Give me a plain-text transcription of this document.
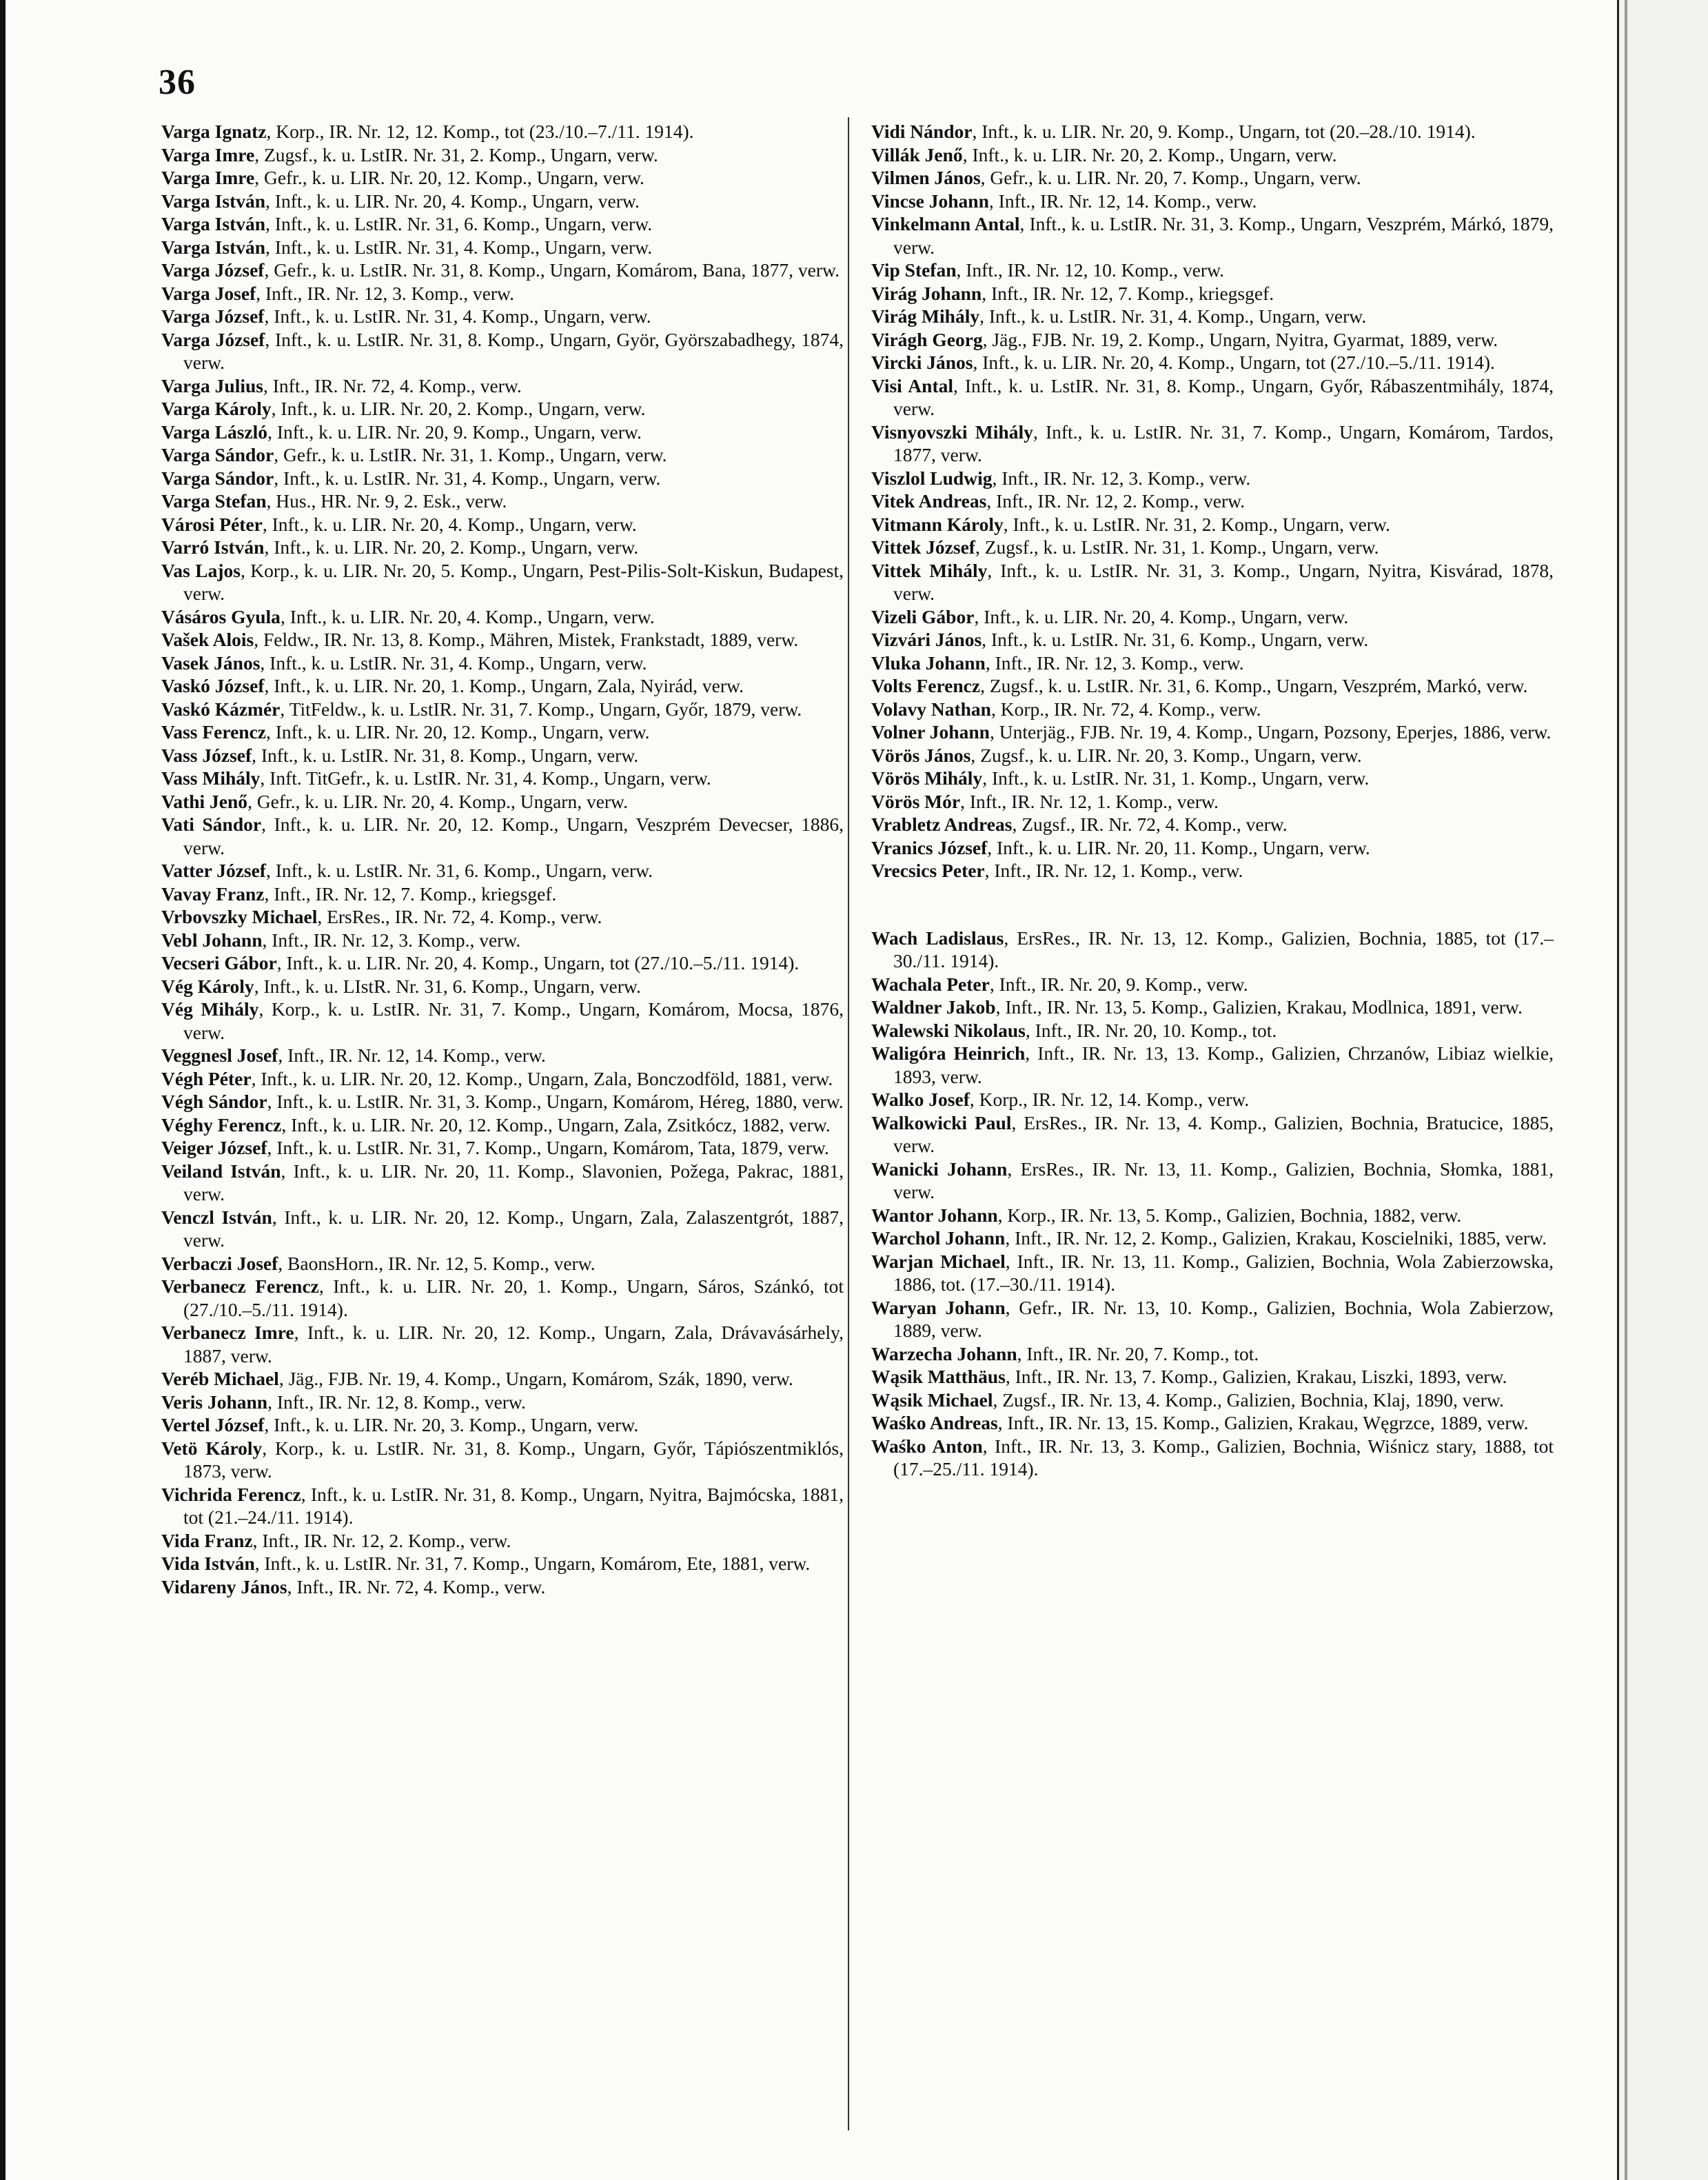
36
Varga Ignatz, Korp., IR. Nr. 12, 12. Komp., tot (23./10.–7./11. 1914).
Varga Imre, Zugsf., k. u. LstIR. Nr. 31, 2. Komp., Ungarn, verw.
Varga Imre, Gefr., k. u. LIR. Nr. 20, 12. Komp., Ungarn, verw.
Varga István, Inft., k. u. LIR. Nr. 20, 4. Komp., Ungarn, verw.
Varga István, Inft., k. u. LstIR. Nr. 31, 6. Komp., Ungarn, verw.
Varga István, Inft., k. u. LstIR. Nr. 31, 4. Komp., Ungarn, verw.
Varga József, Gefr., k. u. LstIR. Nr. 31, 8. Komp., Ungarn, Komárom, Bana, 1877, verw.
Varga Josef, Inft., IR. Nr. 12, 3. Komp., verw.
Varga József, Inft., k. u. LstIR. Nr. 31, 4. Komp., Ungarn, verw.
Varga József, Inft., k. u. LstIR. Nr. 31, 8. Komp., Ungarn, Györ, Györszabadhegy, 1874, verw.
Varga Julius, Inft., IR. Nr. 72, 4. Komp., verw.
Varga Károly, Inft., k. u. LIR. Nr. 20, 2. Komp., Ungarn, verw.
Varga László, Inft., k. u. LIR. Nr. 20, 9. Komp., Ungarn, verw.
Varga Sándor, Gefr., k. u. LstIR. Nr. 31, 1. Komp., Ungarn, verw.
Varga Sándor, Inft., k. u. LstIR. Nr. 31, 4. Komp., Ungarn, verw.
Varga Stefan, Hus., HR. Nr. 9, 2. Esk., verw.
Városi Péter, Inft., k. u. LIR. Nr. 20, 4. Komp., Ungarn, verw.
Varró István, Inft., k. u. LIR. Nr. 20, 2. Komp., Ungarn, verw.
Vas Lajos, Korp., k. u. LIR. Nr. 20, 5. Komp., Ungarn, Pest-Pilis-Solt-Kiskun, Budapest, verw.
Vásáros Gyula, Inft., k. u. LIR. Nr. 20, 4. Komp., Ungarn, verw.
Vašek Alois, Feldw., IR. Nr. 13, 8. Komp., Mähren, Mistek, Frankstadt, 1889, verw.
Vasek János, Inft., k. u. LstIR. Nr. 31, 4. Komp., Ungarn, verw.
Vaskó József, Inft., k. u. LIR. Nr. 20, 1. Komp., Ungarn, Zala, Nyirád, verw.
Vaskó Kázmér, TitFeldw., k. u. LstIR. Nr. 31, 7. Komp., Ungarn, Győr, 1879, verw.
Vass Ferencz, Inft., k. u. LIR. Nr. 20, 12. Komp., Ungarn, verw.
Vass József, Inft., k. u. LstIR. Nr. 31, 8. Komp., Ungarn, verw.
Vass Mihály, Inft. TitGefr., k. u. LstIR. Nr. 31, 4. Komp., Ungarn, verw.
Vathi Jenő, Gefr., k. u. LIR. Nr. 20, 4. Komp., Ungarn, verw.
Vati Sándor, Inft., k. u. LIR. Nr. 20, 12. Komp., Ungarn, Veszprém Devecser, 1886, verw.
Vatter József, Inft., k. u. LstIR. Nr. 31, 6. Komp., Ungarn, verw.
Vavay Franz, Inft., IR. Nr. 12, 7. Komp., kriegsgef.
Vrbovszky Michael, ErsRes., IR. Nr. 72, 4. Komp., verw.
Vebl Johann, Inft., IR. Nr. 12, 3. Komp., verw.
Vecseri Gábor, Inft., k. u. LIR. Nr. 20, 4. Komp., Ungarn, tot (27./10.–5./11. 1914).
Vég Károly, Inft., k. u. LIstR. Nr. 31, 6. Komp., Ungarn, verw.
Vég Mihály, Korp., k. u. LstIR. Nr. 31, 7. Komp., Ungarn, Komárom, Mocsa, 1876, verw.
Veggnesl Josef, Inft., IR. Nr. 12, 14. Komp., verw.
Végh Péter, Inft., k. u. LIR. Nr. 20, 12. Komp., Ungarn, Zala, Bonczodföld, 1881, verw.
Végh Sándor, Inft., k. u. LstIR. Nr. 31, 3. Komp., Ungarn, Komárom, Héreg, 1880, verw.
Véghy Ferencz, Inft., k. u. LIR. Nr. 20, 12. Komp., Ungarn, Zala, Zsitkócz, 1882, verw.
Veiger József, Inft., k. u. LstIR. Nr. 31, 7. Komp., Ungarn, Komárom, Tata, 1879, verw.
Veiland István, Inft., k. u. LIR. Nr. 20, 11. Komp., Slavonien, Požega, Pakrac, 1881, verw.
Venczl István, Inft., k. u. LIR. Nr. 20, 12. Komp., Ungarn, Zala, Zalaszentgrót, 1887, verw.
Verbaczi Josef, BaonsHorn., IR. Nr. 12, 5. Komp., verw.
Verbanecz Ferencz, Inft., k. u. LIR. Nr. 20, 1. Komp., Ungarn, Sáros, Szánkó, tot (27./10.–5./11. 1914).
Verbanecz Imre, Inft., k. u. LIR. Nr. 20, 12. Komp., Ungarn, Zala, Drávavásárhely, 1887, verw.
Veréb Michael, Jäg., FJB. Nr. 19, 4. Komp., Ungarn, Komárom, Szák, 1890, verw.
Veris Johann, Inft., IR. Nr. 12, 8. Komp., verw.
Vertel József, Inft., k. u. LIR. Nr. 20, 3. Komp., Ungarn, verw.
Vetö Károly, Korp., k. u. LstIR. Nr. 31, 8. Komp., Ungarn, Győr, Tápiószentmiklós, 1873, verw.
Vichrida Ferencz, Inft., k. u. LstIR. Nr. 31, 8. Komp., Ungarn, Nyitra, Bajmócska, 1881, tot (21.–24./11. 1914).
Vida Franz, Inft., IR. Nr. 12, 2. Komp., verw.
Vida István, Inft., k. u. LstIR. Nr. 31, 7. Komp., Ungarn, Komárom, Ete, 1881, verw.
Vidareny János, Inft., IR. Nr. 72, 4. Komp., verw.
Vidi Nándor, Inft., k. u. LIR. Nr. 20, 9. Komp., Ungarn, tot (20.–28./10. 1914).
Villák Jenő, Inft., k. u. LIR. Nr. 20, 2. Komp., Ungarn, verw.
Vilmen János, Gefr., k. u. LIR. Nr. 20, 7. Komp., Ungarn, verw.
Vincse Johann, Inft., IR. Nr. 12, 14. Komp., verw.
Vinkelmann Antal, Inft., k. u. LstIR. Nr. 31, 3. Komp., Ungarn, Veszprém, Márkó, 1879, verw.
Vip Stefan, Inft., IR. Nr. 12, 10. Komp., verw.
Virág Johann, Inft., IR. Nr. 12, 7. Komp., kriegsgef.
Virág Mihály, Inft., k. u. LstIR. Nr. 31, 4. Komp., Ungarn, verw.
Virágh Georg, Jäg., FJB. Nr. 19, 2. Komp., Ungarn, Nyitra, Gyarmat, 1889, verw.
Vircki János, Inft., k. u. LIR. Nr. 20, 4. Komp., Ungarn, tot (27./10.–5./11. 1914).
Visi Antal, Inft., k. u. LstIR. Nr. 31, 8. Komp., Ungarn, Győr, Rábaszentmihály, 1874, verw.
Visnyovszki Mihály, Inft., k. u. LstIR. Nr. 31, 7. Komp., Ungarn, Komárom, Tardos, 1877, verw.
Viszlol Ludwig, Inft., IR. Nr. 12, 3. Komp., verw.
Vitek Andreas, Inft., IR. Nr. 12, 2. Komp., verw.
Vitmann Károly, Inft., k. u. LstIR. Nr. 31, 2. Komp., Ungarn, verw.
Vittek József, Zugsf., k. u. LstIR. Nr. 31, 1. Komp., Ungarn, verw.
Vittek Mihály, Inft., k. u. LstIR. Nr. 31, 3. Komp., Ungarn, Nyitra, Kisvárad, 1878, verw.
Vizeli Gábor, Inft., k. u. LIR. Nr. 20, 4. Komp., Ungarn, verw.
Vizvári János, Inft., k. u. LstIR. Nr. 31, 6. Komp., Ungarn, verw.
Vluka Johann, Inft., IR. Nr. 12, 3. Komp., verw.
Volts Ferencz, Zugsf., k. u. LstIR. Nr. 31, 6. Komp., Ungarn, Veszprém, Markó, verw.
Volavy Nathan, Korp., IR. Nr. 72, 4. Komp., verw.
Volner Johann, Unterjäg., FJB. Nr. 19, 4. Komp., Ungarn, Pozsony, Eperjes, 1886, verw.
Vörös János, Zugsf., k. u. LIR. Nr. 20, 3. Komp., Ungarn, verw.
Vörös Mihály, Inft., k. u. LstIR. Nr. 31, 1. Komp., Ungarn, verw.
Vörös Mór, Inft., IR. Nr. 12, 1. Komp., verw.
Vrabletz Andreas, Zugsf., IR. Nr. 72, 4. Komp., verw.
Vranics József, Inft., k. u. LIR. Nr. 20, 11. Komp., Ungarn, verw.
Vrecsics Peter, Inft., IR. Nr. 12, 1. Komp., verw.
Wach Ladislaus, ErsRes., IR. Nr. 13, 12. Komp., Galizien, Bochnia, 1885, tot (17.–30./11. 1914).
Wachala Peter, Inft., IR. Nr. 20, 9. Komp., verw.
Waldner Jakob, Inft., IR. Nr. 13, 5. Komp., Galizien, Krakau, Modlnica, 1891, verw.
Walewski Nikolaus, Inft., IR. Nr. 20, 10. Komp., tot.
Waligóra Heinrich, Inft., IR. Nr. 13, 13. Komp., Galizien, Chrzanów, Libiaz wielkie, 1893, verw.
Walko Josef, Korp., IR. Nr. 12, 14. Komp., verw.
Walkowicki Paul, ErsRes., IR. Nr. 13, 4. Komp., Galizien, Bochnia, Bratucice, 1885, verw.
Wanicki Johann, ErsRes., IR. Nr. 13, 11. Komp., Galizien, Bochnia, Słomka, 1881, verw.
Wantor Johann, Korp., IR. Nr. 13, 5. Komp., Galizien, Bochnia, 1882, verw.
Warchol Johann, Inft., IR. Nr. 12, 2. Komp., Galizien, Krakau, Koscielniki, 1885, verw.
Warjan Michael, Inft., IR. Nr. 13, 11. Komp., Galizien, Bochnia, Wola Zabierzowska, 1886, tot. (17.–30./11. 1914).
Waryan Johann, Gefr., IR. Nr. 13, 10. Komp., Galizien, Bochnia, Wola Zabierzow, 1889, verw.
Warzecha Johann, Inft., IR. Nr. 20, 7. Komp., tot.
Wąsik Matthäus, Inft., IR. Nr. 13, 7. Komp., Galizien, Krakau, Liszki, 1893, verw.
Wąsik Michael, Zugsf., IR. Nr. 13, 4. Komp., Galizien, Bochnia, Klaj, 1890, verw.
Waśko Andreas, Inft., IR. Nr. 13, 15. Komp., Galizien, Krakau, Węgrzce, 1889, verw.
Waśko Anton, Inft., IR. Nr. 13, 3. Komp., Galizien, Bochnia, Wiśnicz stary, 1888, tot (17.–25./11. 1914).
